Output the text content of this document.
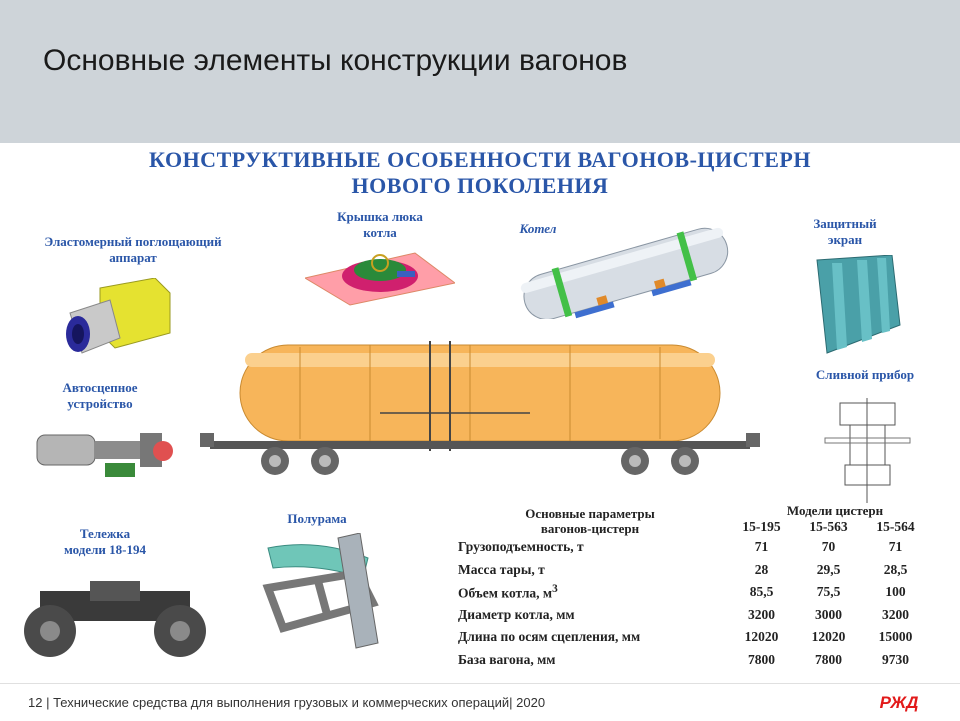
Основные элементы конструкции вагонов
КОНСТРУКТИВНЫЕ ОСОБЕННОСТИ ВАГОНОВ-ЦИСТЕРН
НОВОГО ПОКОЛЕНИЯ
Эластомерный поглощающий
аппарат
Крышка люка
котла	Котел	Защитный
экран
Автосцепное
устройство
Сливной прибор
Тележка
модели 18-194
Полурама	Основные параметры
вагонов-цистерн
Модели цистерн
	15-195	15-563	15-564
Грузоподъемность, т	71	70	71
Масса тары, т	28	29,5	28,5
Объем котла, $м^3$	85,5	75,5	100
Диаметр котла, мм	3200	3000	3200
Длина по осям сцепления, мм	12020	12020	15000
База вагона, мм	7800	7800	9730
12 | Технические средства для выполнения грузовых и коммерческих операций| 2020	РЖД
